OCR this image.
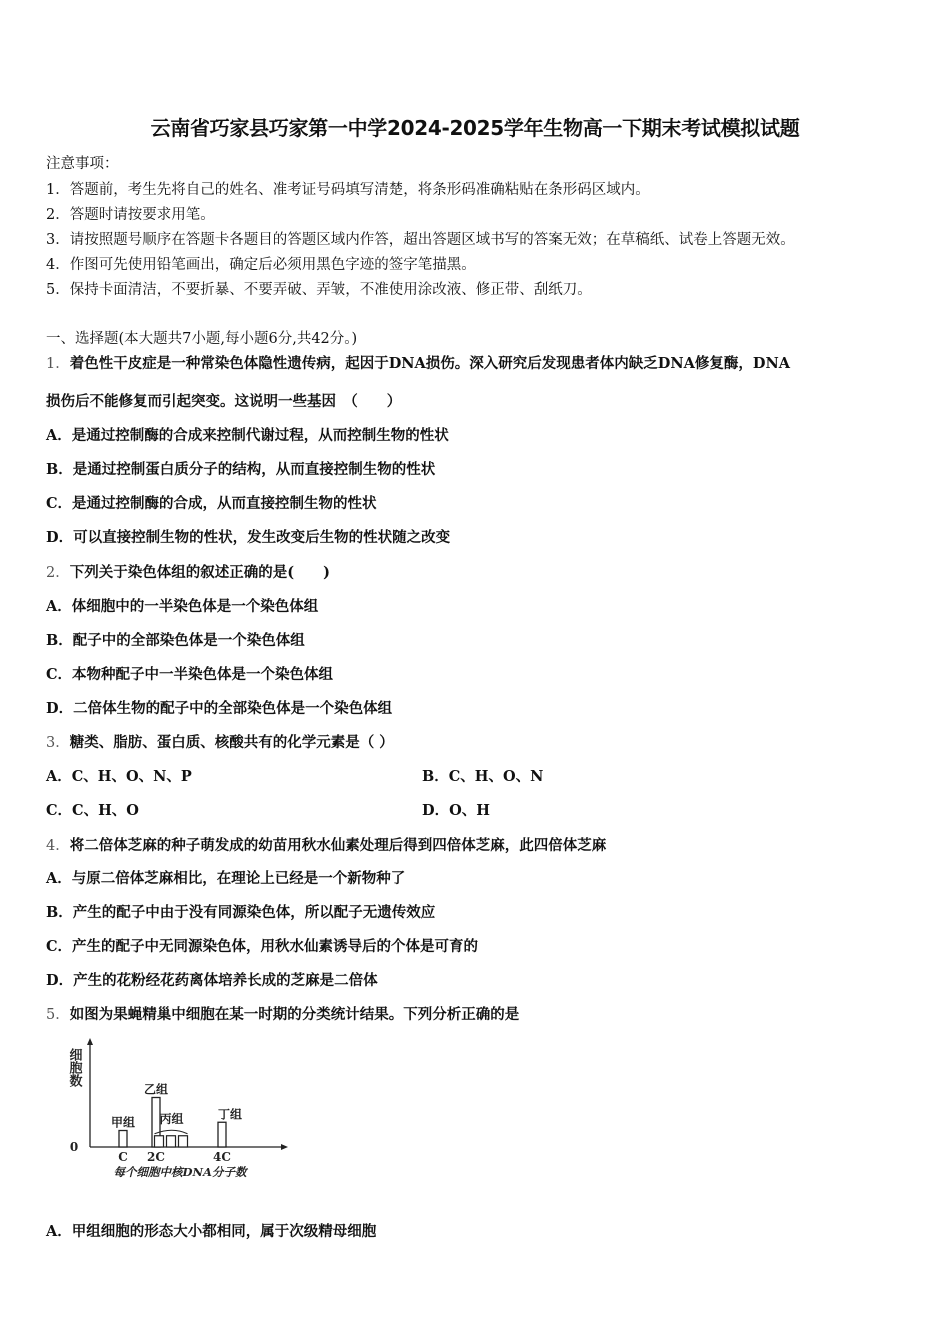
云南省巧家县巧家第一中学2024-2025学年生物高一下期末考试模拟试题
注意事项：
1．答题前，考生先将自己的姓名、准考证号码填写清楚，将条形码准确粘贴在条形码区域内。
2．答题时请按要求用笔。
3．请按照题号顺序在答题卡各题目的答题区域内作答，超出答题区域书写的答案无效；在草稿纸、试卷上答题无效。
4．作图可先使用铅笔画出，确定后必须用黑色字迹的签字笔描黑。
5．保持卡面清洁，不要折暴、不要弄破、弄皱，不准使用涂改液、修正带、刮纸刀。
一、选择题(本大题共7小题,每小题6分,共42分。)
1．着色性干皮症是一种常染色体隐性遗传病，起因于DNA损伤。深入研究后发现患者体内缺乏DNA修复酶，DNA
损伤后不能修复而引起突变。这说明一些基因　（　　）
A．是通过控制酶的合成来控制代谢过程，从而控制生物的性状
B．是通过控制蛋白质分子的结构，从而直接控制生物的性状
C．是通过控制酶的合成，从而直接控制生物的性状
D．可以直接控制生物的性状，发生改变后生物的性状随之改变
2．下列关于染色体组的叙述正确的是(　　)
A．体细胞中的一半染色体是一个染色体组
B．配子中的全部染色体是一个染色体组
C．本物种配子中一半染色体是一个染色体组
D．二倍体生物的配子中的全部染色体是一个染色体组
3．糖类、脂肪、蛋白质、核酸共有的化学元素是（ ）
A．C、H、O、N、P	B．C、H、O、N
C．C、H、O	D．O、H
4．将二倍体芝麻的种子萌发成的幼苗用秋水仙素处理后得到四倍体芝麻，此四倍体芝麻
A．与原二倍体芝麻相比，在理论上已经是一个新物种了
B．产生的配子中由于没有同源染色体，所以配子无遗传效应
C．产生的配子中无同源染色体，用秋水仙素诱导后的个体是可育的
D．产生的花粉经花药离体培养长成的芝麻是二倍体
5．如图为果蝇精巢中细胞在某一时期的分类统计结果。下列分析正确的是
细胞数
0
C 2C	4C
每个细胞中核DNA分子数
甲组
乙组
丙组	丁组
A．甲组细胞的形态大小都相同，属于次级精母细胞
